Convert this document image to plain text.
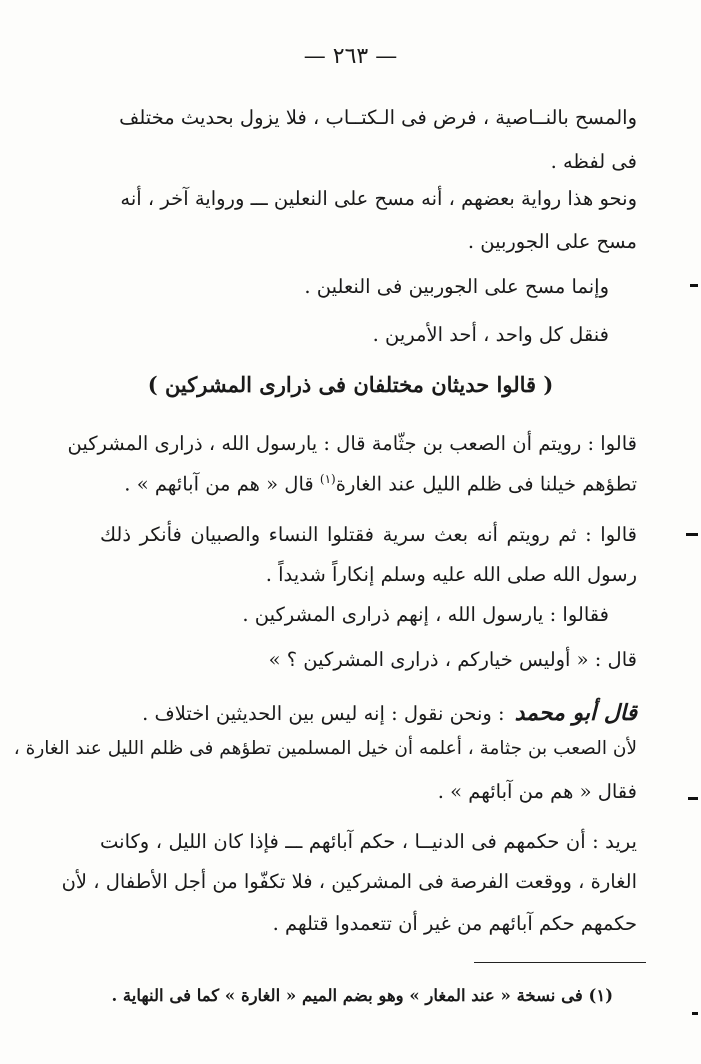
— ٢٦٣ —
والمسح بالنــاصية ، فرض فى الـكتــاب ، فلا يزول بحديث مختلف
فى لفظه .
ونحو هذا رواية بعضهم ، أنه مسح على النعلين ـــ ورواية آخر ، أنه
مسح على الجوربين .
وإنما مسح على الجوربين فى النعلين .
فنقل كل واحد ، أحد الأمرين .
( قالوا حديثان مختلفان فى ذرارى المشركين )
قالوا : رويتم أن الصعب بن جثّامة قال : يارسول الله ، ذرارى المشركين
تطؤهم خيلنا فى ظلم الليل عند الغارة$^{(١)}$ قال « هم من آبائهم » .
قالوا : ثم رويتم أنه بعث سرية فقتلوا النساء والصبيان فأنكر ذلك
رسول الله صلى الله عليه وسلم إنكاراً شديداً .
فقالوا : يارسول الله ، إنهم ذرارى المشركين .
قال : « أوليس خياركم ، ذرارى المشركين ؟ »
قال أبو محمد: ونحن نقول : إنه ليس بين الحديثين اختلاف .
لأن الصعب بن جثامة ، أعلمه أن خيل المسلمين تطؤهم فى ظلم الليل عند الغارة ،
فقال « هم من آبائهم » .
يريد : أن حكمهم فى الدنيــا ، حكم آبائهم ـــ فإذا كان الليل ، وكانت
الغارة ، ووقعت الفرصة فى المشركين ، فلا تكفّوا من أجل الأطفال ، لأن
حكمهم حكم آبائهم من غير أن تتعمدوا قتلهم .
(١) فى نسخة « عند المغار » وهو بضم الميم « الغارة » كما فى النهاية .
